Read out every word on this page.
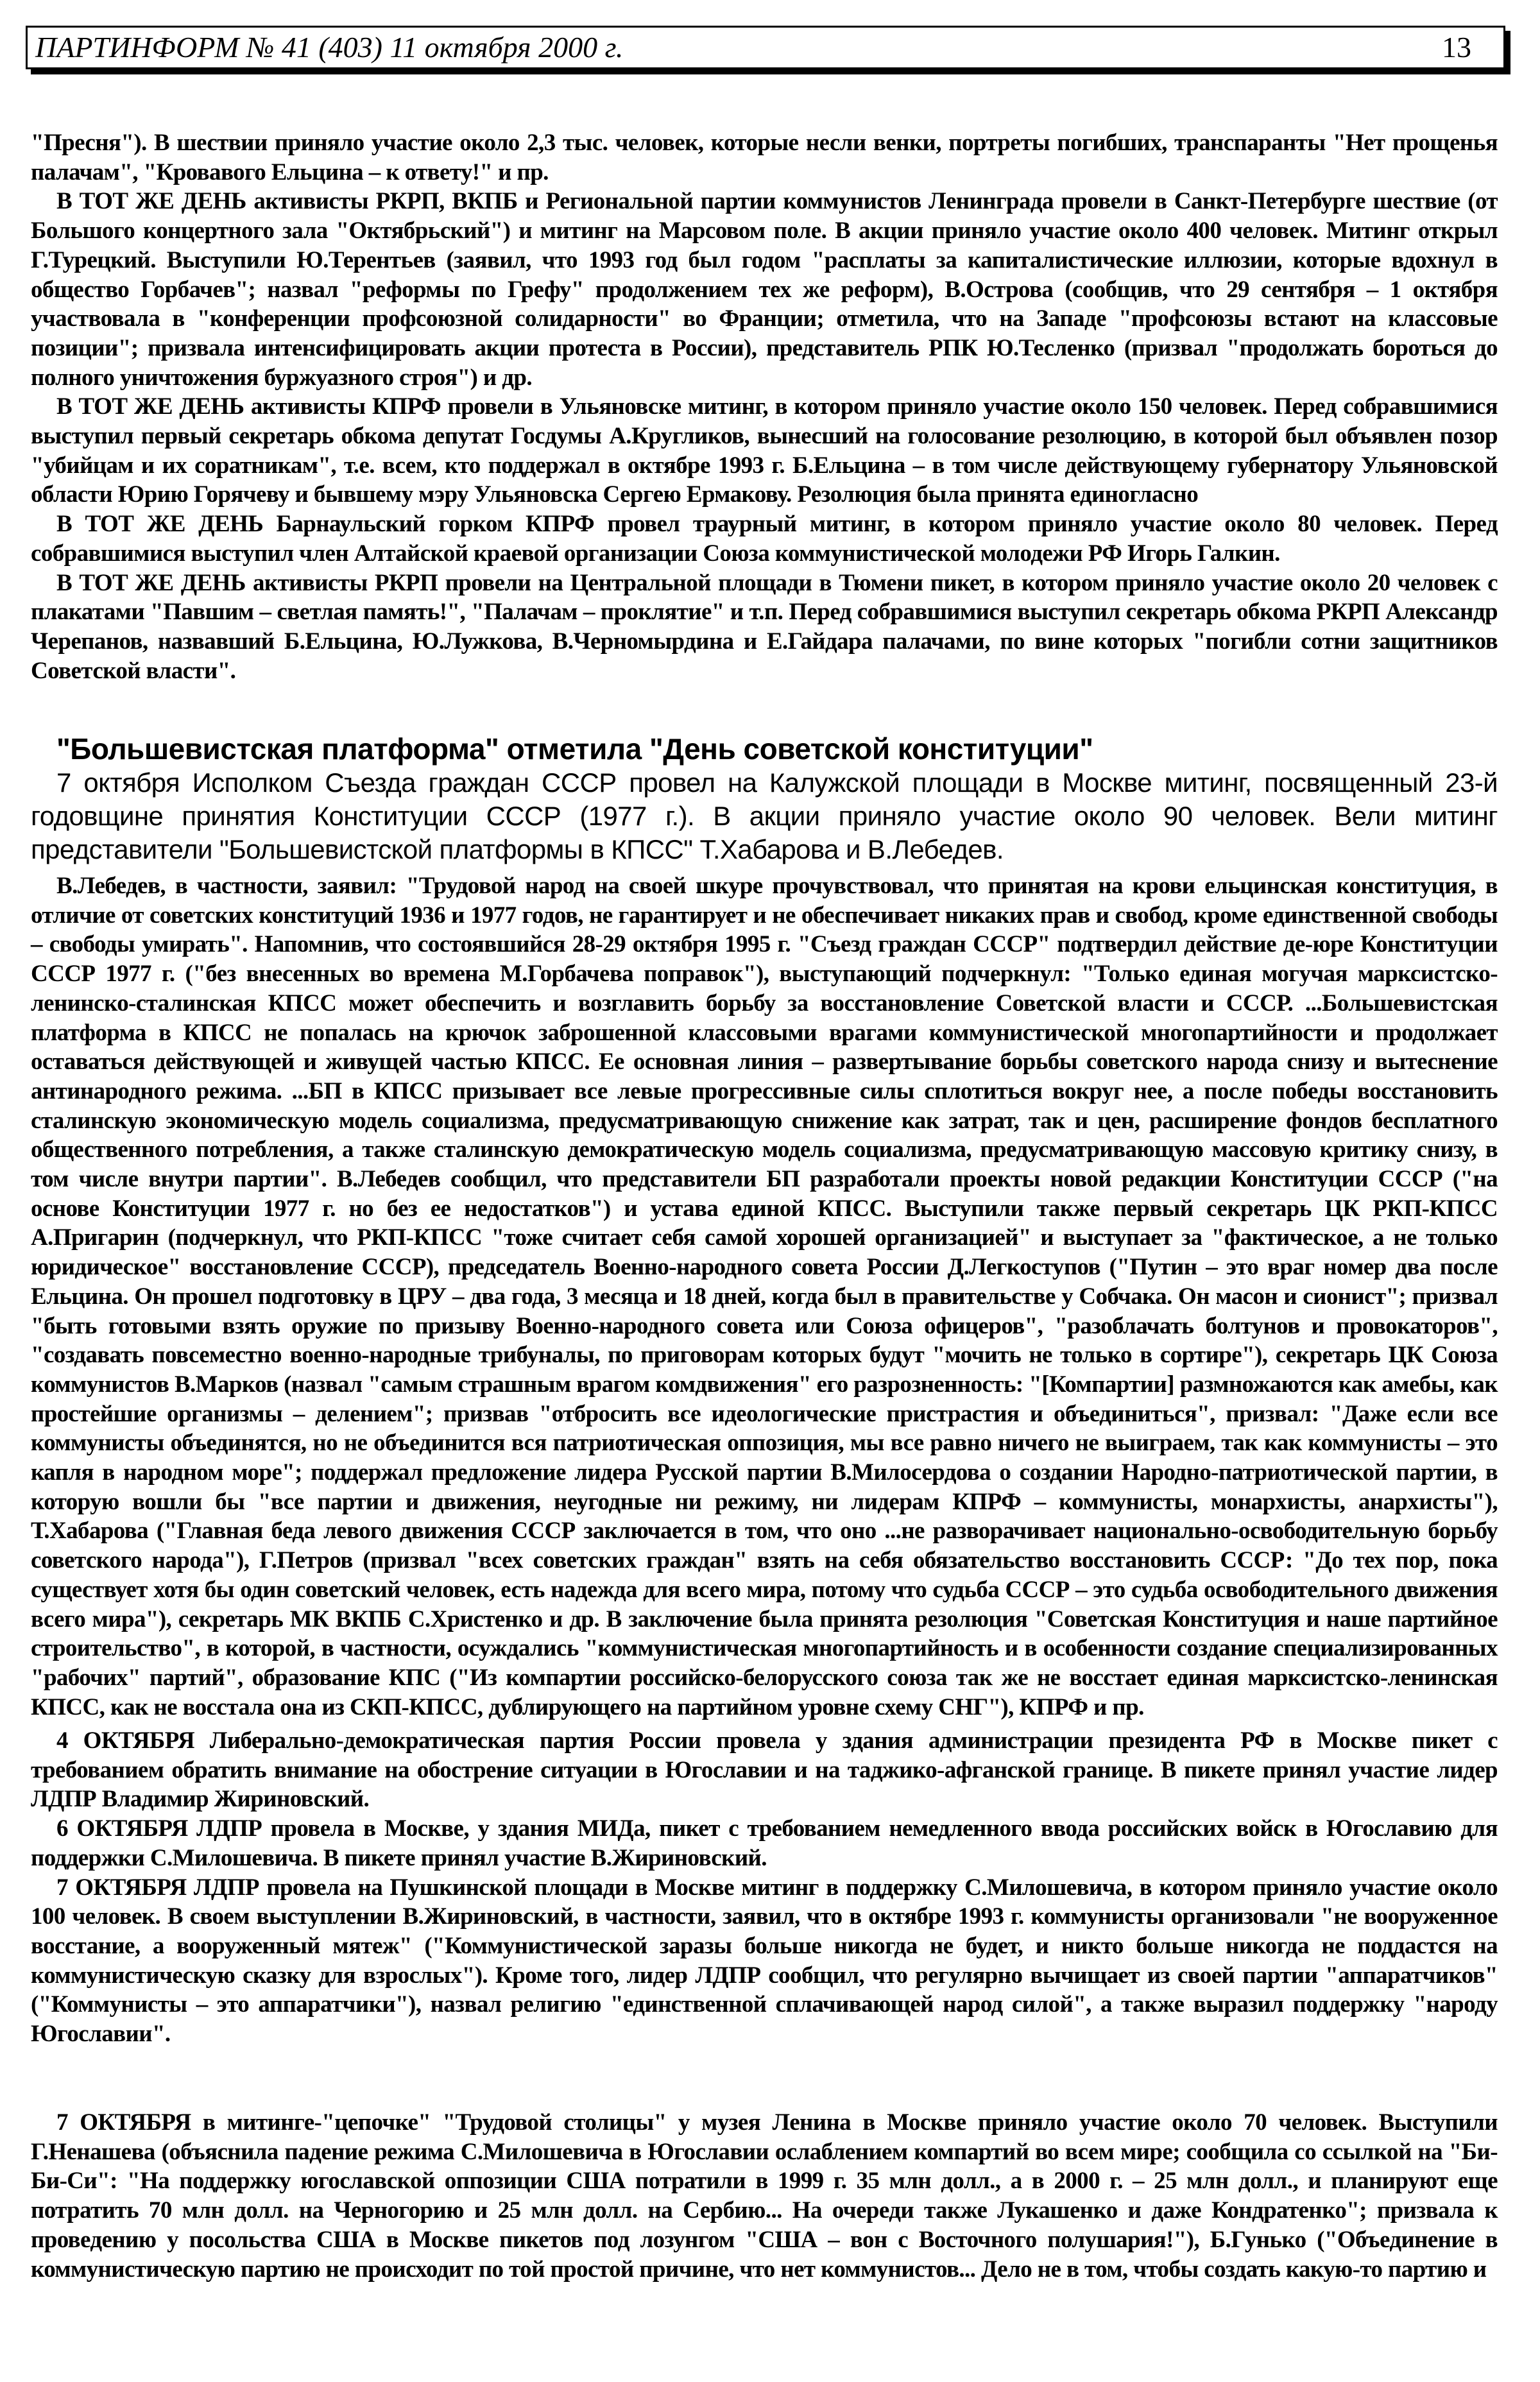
ПАРТИНФОРМ № 41 (403) 11 октября 2000 г.	13

"Пресня"). В шествии приняло участие около 2,3 тыс. человек, которые несли венки, портреты погибших, транспаранты "Нет прощенья палачам", "Кровавого Ельцина – к ответу!" и пр.

В ТОТ ЖЕ ДЕНЬ активисты РКРП, ВКПБ и Региональной партии коммунистов Ленинграда провели в Санкт-Петербурге шествие (от Большого концертного зала "Октябрьский") и митинг на Марсовом поле. В акции приняло участие около 400 человек. Митинг открыл Г.Турецкий. Выступили Ю.Терентьев (заявил, что 1993 год был годом "расплаты за капиталистические иллюзии, которые вдохнул в общество Горбачев"; назвал "реформы по Грефу" продолжением тех же реформ), В.Острова (сообщив, что 29 сентября – 1 октября участвовала в "конференции профсоюзной солидарности" во Франции; отметила, что на Западе "профсоюзы встают на классовые позиции"; призвала интенсифицировать акции протеста в России), представитель РПК Ю.Тесленко (призвал "продолжать бороться до полного уничтожения буржуазного строя") и др.

В ТОТ ЖЕ ДЕНЬ активисты КПРФ провели в Ульяновске митинг, в котором приняло участие около 150 человек. Перед собравшимися выступил первый секретарь обкома депутат Госдумы А.Кругликов, вынесший на голосование резолюцию, в которой был объявлен позор "убийцам и их соратникам", т.е. всем, кто поддержал в октябре 1993 г. Б.Ельцина – в том числе действующему губернатору Ульяновской области Юрию Горячеву и бывшему мэру Ульяновска Сергею Ермакову. Резолюция была принята единогласно

В ТОТ ЖЕ ДЕНЬ Барнаульский горком КПРФ провел траурный митинг, в котором приняло участие около 80 человек. Перед собравшимися выступил член Алтайской краевой организации Союза коммунистической молодежи РФ Игорь Галкин.

В ТОТ ЖЕ ДЕНЬ активисты РКРП провели на Центральной площади в Тюмени пикет, в котором приняло участие около 20 человек с плакатами "Павшим – светлая память!", "Палачам – проклятие" и т.п. Перед собравшимися выступил секретарь обкома РКРП Александр Черепанов, назвавший Б.Ельцина, Ю.Лужкова, В.Черномырдина и Е.Гайдара палачами, по вине которых "погибли сотни защитников Советской власти".

"Большевистская платформа" отметила "День советской конституции"

7 октября Исполком Съезда граждан СССР провел на Калужской площади в Москве митинг, посвященный 23-й годовщине принятия Конституции СССР (1977 г.). В акции приняло участие около 90 человек. Вели митинг представители "Большевистской платформы в КПСС" Т.Хабарова и В.Лебедев.

В.Лебедев, в частности, заявил: "Трудовой народ на своей шкуре прочувствовал, что принятая на крови ельцинская конституция, в отличие от советских конституций 1936 и 1977 годов, не гарантирует и не обеспечивает никаких прав и свобод, кроме единственной свободы – свободы умирать". Напомнив, что состоявшийся 28-29 октября 1995 г. "Съезд граждан СССР" подтвердил действие де-юре Конституции СССР 1977 г. ("без внесенных во времена М.Горбачева поправок"), выступающий подчеркнул: "Только единая могучая марксистско-ленинско-сталинская КПСС может обеспечить и возглавить борьбу за восстановление Советской власти и СССР. ...Большевистская платформа в КПСС не попалась на крючок заброшенной классовыми врагами коммунистической многопартийности и продолжает оставаться действующей и живущей частью КПСС. Ее основная линия – развертывание борьбы советского народа снизу и вытеснение антинародного режима. ...БП в КПСС призывает все левые прогрессивные силы сплотиться вокруг нее, а после победы восстановить сталинскую экономическую модель социализма, предусматривающую снижение как затрат, так и цен, расширение фондов бесплатного общественного потребления, а также сталинскую демократическую модель социализма, предусматривающую массовую критику снизу, в том числе внутри партии". В.Лебедев сообщил, что представители БП разработали проекты новой редакции Конституции СССР ("на основе Конституции 1977 г. но без ее недостатков") и устава единой КПСС. Выступили также первый секретарь ЦК РКП-КПСС А.Пригарин (подчеркнул, что РКП-КПСС "тоже считает себя самой хорошей организацией" и выступает за "фактическое, а не только юридическое" восстановление СССР), председатель Военно-народного совета России Д.Легкоступов ("Путин – это враг номер два после Ельцина. Он прошел подготовку в ЦРУ – два года, 3 месяца и 18 дней, когда был в правительстве у Собчака. Он масон и сионист"; призвал "быть готовыми взять оружие по призыву Военно-народного совета или Союза офицеров", "разоблачать болтунов и провокаторов", "создавать повсеместно военно-народные трибуналы, по приговорам которых будут "мочить не только в сортире"), секретарь ЦК Союза коммунистов В.Марков (назвал "самым страшным врагом комдвижения" его разрозненность: "[Компартии] размножаются как амебы, как простейшие организмы – делением"; призвав "отбросить все идеологические пристрастия и объединиться", призвал: "Даже если все коммунисты объединятся, но не объединится вся патриотическая оппозиция, мы все равно ничего не выиграем, так как коммунисты – это капля в народном море"; поддержал предложение лидера Русской партии В.Милосердова о создании Народно-патриотической партии, в которую вошли бы "все партии и движения, неугодные ни режиму, ни лидерам КПРФ – коммунисты, монархисты, анархисты"), Т.Хабарова ("Главная беда левого движения СССР заключается в том, что оно ...не разворачивает национально-освободительную борьбу советского народа"), Г.Петров (призвал "всех советских граждан" взять на себя обязательство восстановить СССР: "До тех пор, пока существует хотя бы один советский человек, есть надежда для всего мира, потому что судьба СССР – это судьба освободительного движения всего мира"), секретарь МК ВКПБ С.Христенко и др. В заключение была принята резолюция "Советская Конституция и наше партийное строительство", в которой, в частности, осуждались "коммунистическая многопартийность и в особенности создание специализированных "рабочих" партий", образование КПС ("Из компартии российско-белорусского союза так же не восстает единая марксистско-ленинская КПСС, как не восстала она из СКП-КПСС, дублирующего на партийном уровне схему СНГ"), КПРФ и пр.

4 ОКТЯБРЯ Либерально-демократическая партия России провела у здания администрации президента РФ в Москве пикет с требованием обратить внимание на обострение ситуации в Югославии и на таджико-афганской границе. В пикете принял участие лидер ЛДПР Владимир Жириновский.

6 ОКТЯБРЯ ЛДПР провела в Москве, у здания МИДа, пикет с требованием немедленного ввода российских войск в Югославию для поддержки С.Милошевича. В пикете принял участие В.Жириновский.

7 ОКТЯБРЯ ЛДПР провела на Пушкинской площади в Москве митинг в поддержку С.Милошевича, в котором приняло участие около 100 человек. В своем выступлении В.Жириновский, в частности, заявил, что в октябре 1993 г. коммунисты организовали "не вооруженное восстание, а вооруженный мятеж" ("Коммунистической заразы больше никогда не будет, и никто больше никогда не поддастся на коммунистическую сказку для взрослых"). Кроме того, лидер ЛДПР сообщил, что регулярно вычищает из своей партии "аппаратчиков" ("Коммунисты – это аппаратчики"), назвал религию "единственной сплачивающей народ силой", а также выразил поддержку "народу Югославии".

7 ОКТЯБРЯ в митинге-"цепочке" "Трудовой столицы" у музея Ленина в Москве приняло участие около 70 человек. Выступили Г.Ненашева (объяснила падение режима С.Милошевича в Югославии ослаблением компартий во всем мире; сообщила со ссылкой на "Би-Би-Си": "На поддержку югославской оппозиции США потратили в 1999 г. 35 млн долл., а в 2000 г. – 25 млн долл., и планируют еще потратить 70 млн долл. на Черногорию и 25 млн долл. на Сербию... На очереди также Лукашенко и даже Кондратенко"; призвала к проведению у посольства США в Москве пикетов под лозунгом "США – вон с Восточного полушария!"), Б.Гунько ("Объединение в коммунистическую партию не происходит по той простой причине, что нет коммунистов... Дело не в том, чтобы создать какую-то партию и
